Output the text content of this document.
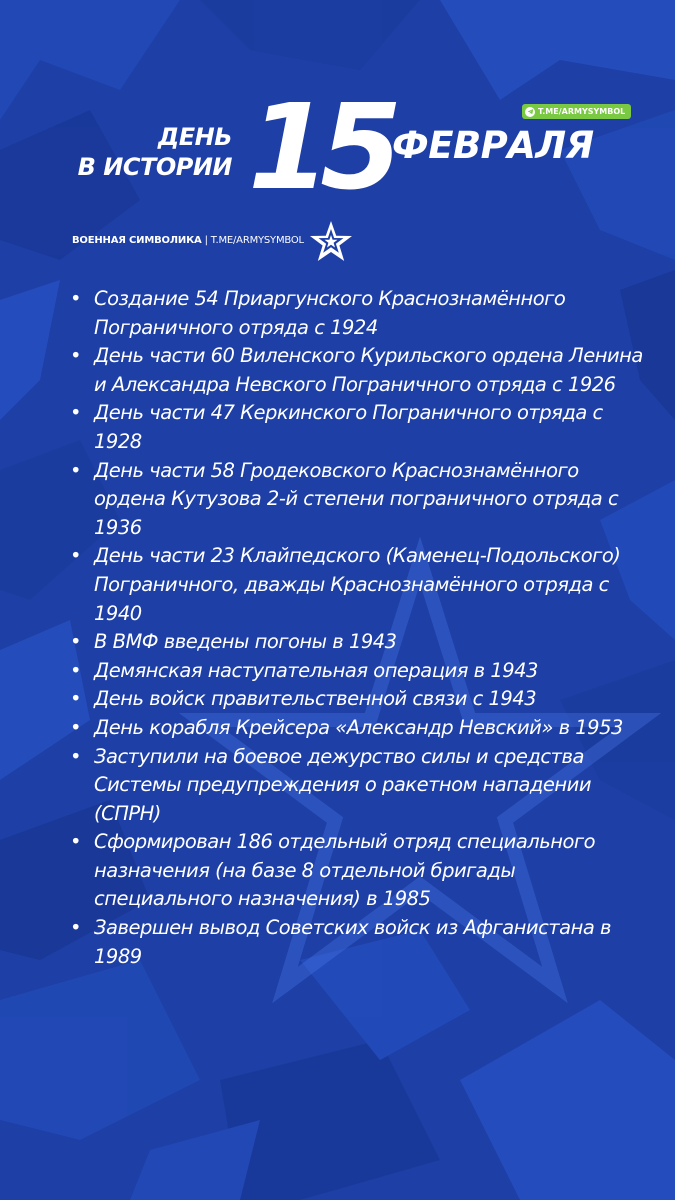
ДЕНЬ
В ИСТОРИИ 15 ФЕВРАЛЯ
T.ME/ARMYSYMBOL
ВОЕННАЯ СИМВОЛИКА | T.ME/ARMYSYMBOL
• Создание 54 Приаргунского Краснознамённого Пограничного отряда с 1924
• День части 60 Виленского Курильского ордена Ленина и Александра Невского Пограничного отряда с 1926
• День части 47 Керкинского Пограничного отряда с 1928
• День части 58 Гродековского Краснознамённого ордена Кутузова 2-й степени пограничного отряда с 1936
• День части 23 Клайпедского (Каменец-Подольского) Пограничного, дважды Краснознамённого отряда с 1940
• В ВМФ введены погоны в 1943
• Демянская наступательная операция в 1943
• День войск правительственной связи с 1943
• День корабля Крейсера «Александр Невский» в 1953
• Заступили на боевое дежурство силы и средства Системы предупреждения о ракетном нападении (СПРН)
• Сформирован 186 отдельный отряд специального назначения (на базе 8 отдельной бригады специального назначения) в 1985
• Завершен вывод Советских войск из Афганистана в 1989
